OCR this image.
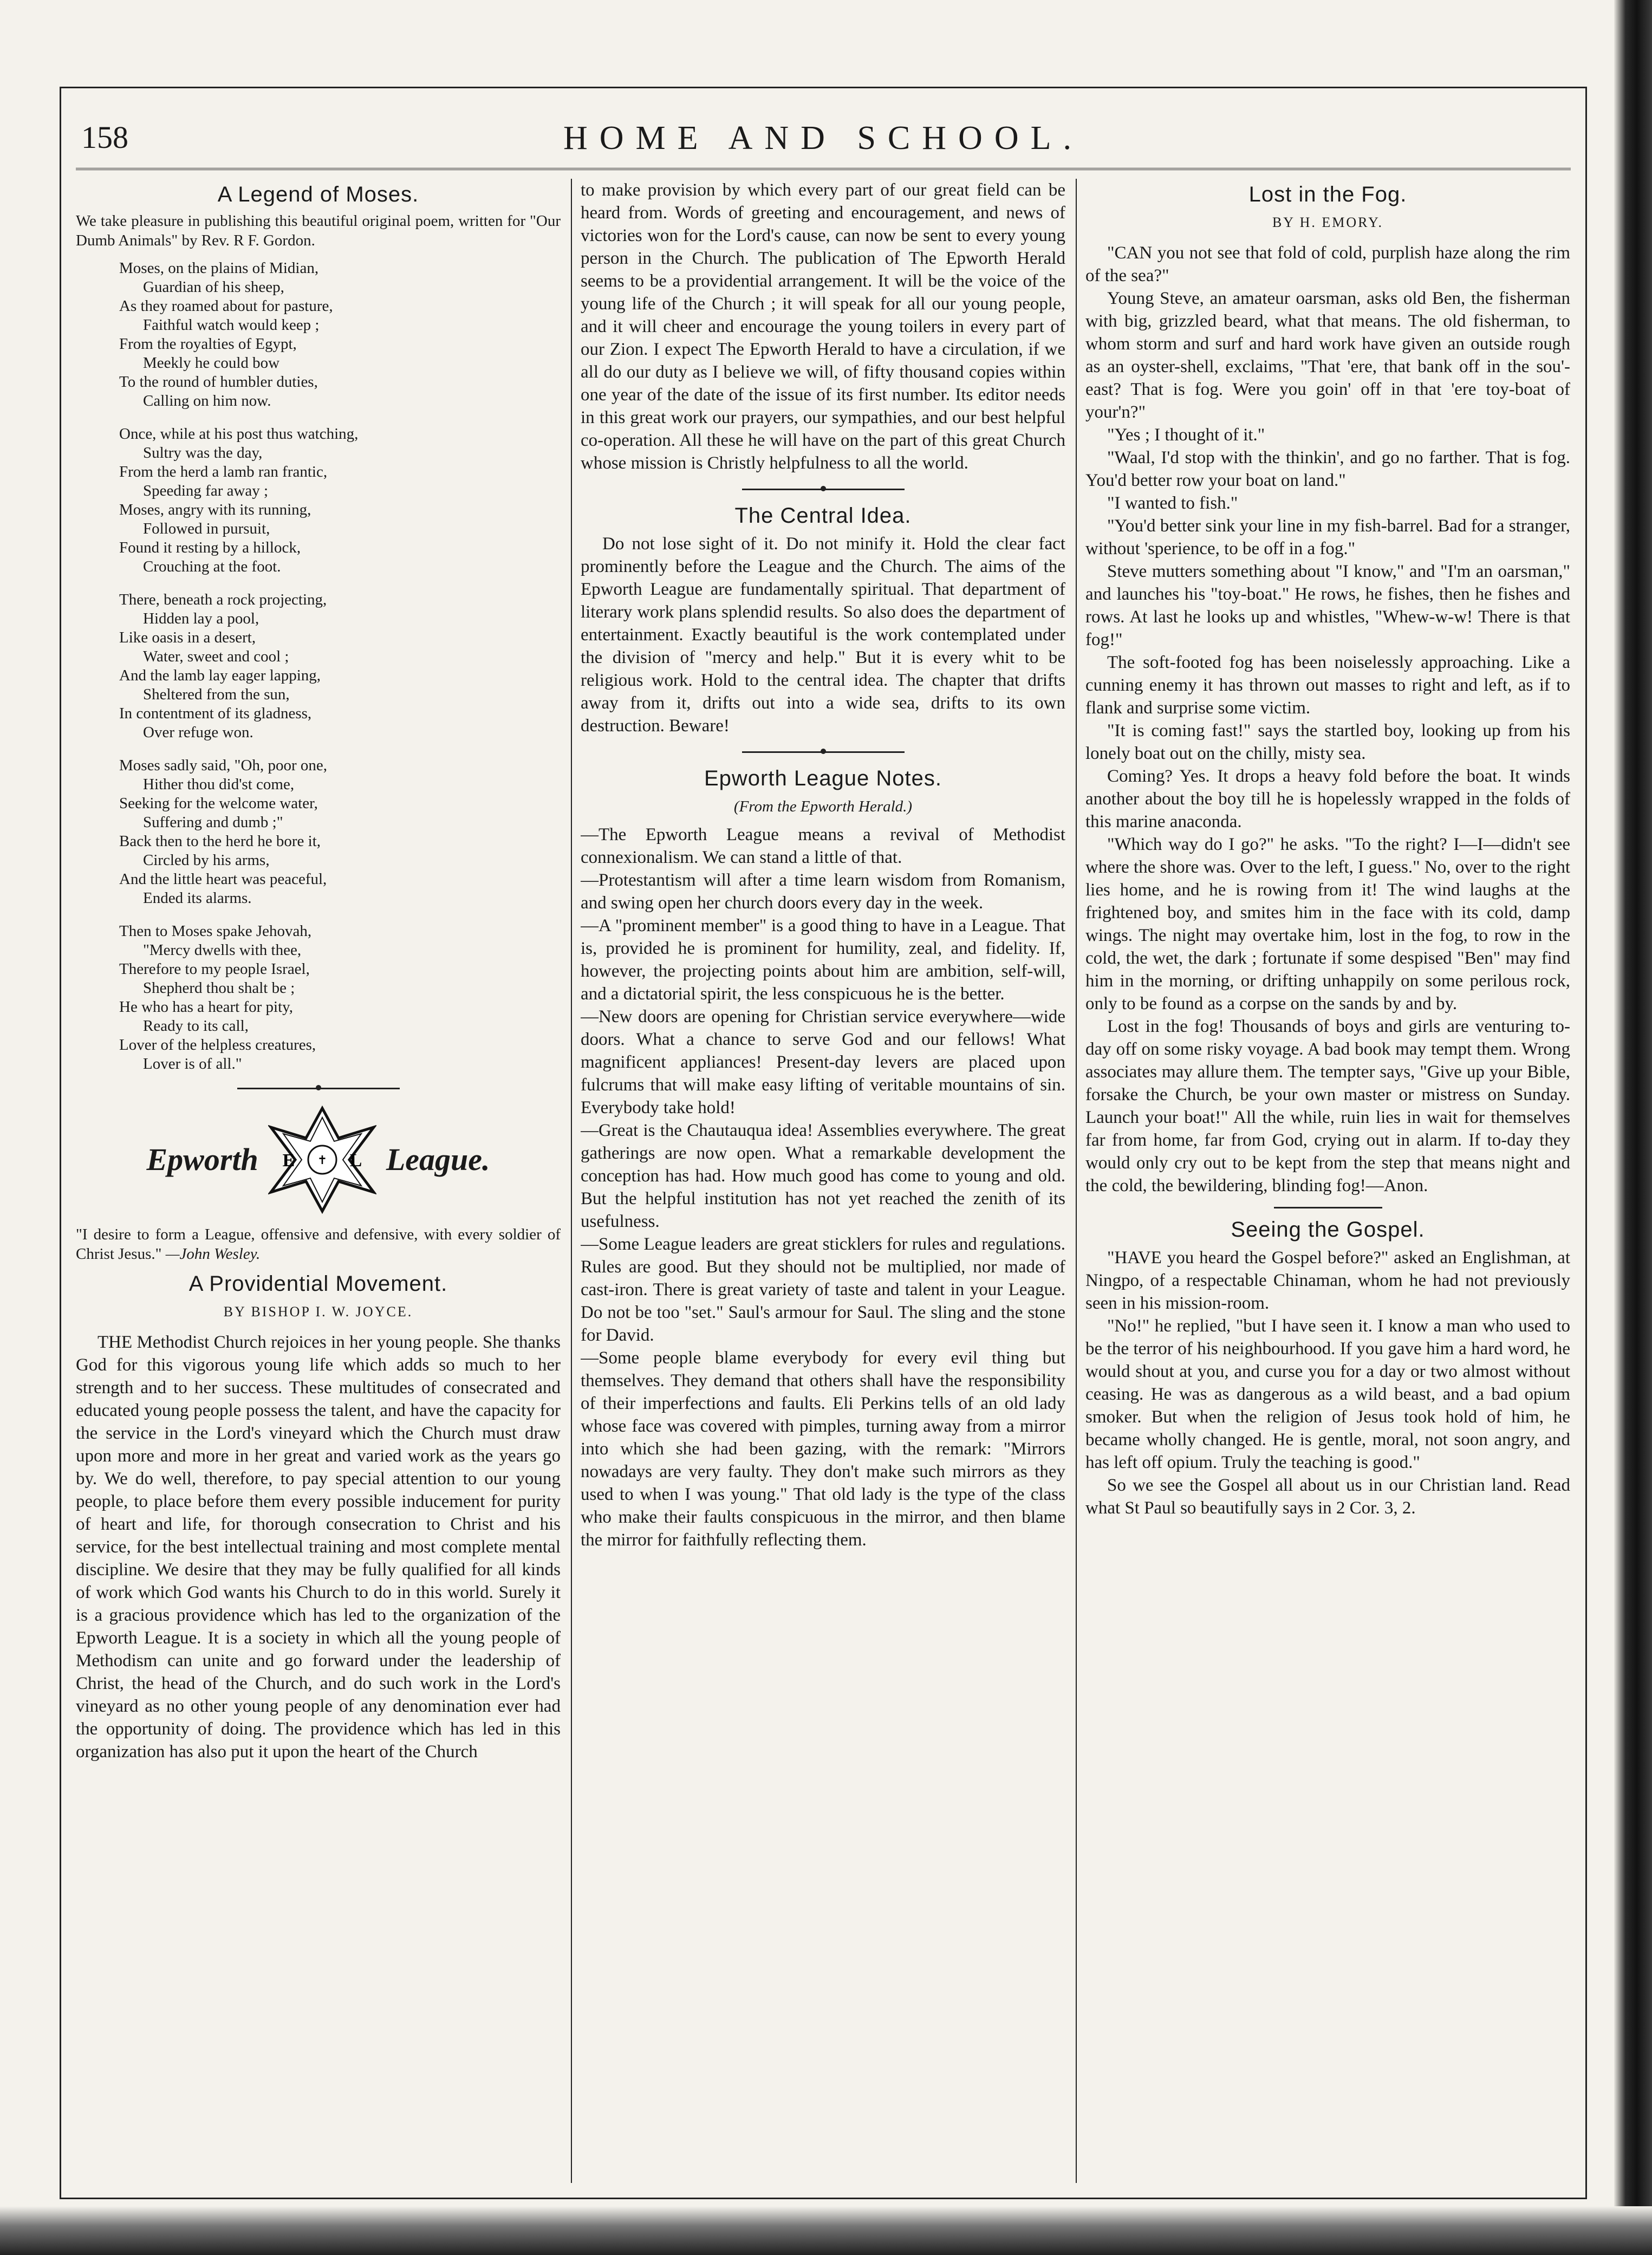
158	HOME AND SCHOOL.
A Legend of Moses.
We take pleasure in publishing this beautiful original poem, written for "Our Dumb Animals" by Rev. R F. Gordon.
Moses, on the plains of Midian,
Guardian of his sheep,
As they roamed about for pasture,
Faithful watch would keep ;
From the royalties of Egypt,
Meekly he could bow
To the round of humbler duties,
Calling on him now.
Once, while at his post thus watching,
Sultry was the day,
From the herd a lamb ran frantic,
Speeding far away ;
Moses, angry with its running,
Followed in pursuit,
Found it resting by a hillock,
Crouching at the foot.
There, beneath a rock projecting,
Hidden lay a pool,
Like oasis in a desert,
Water, sweet and cool ;
And the lamb lay eager lapping,
Sheltered from the sun,
In contentment of its gladness,
Over refuge won.
Moses sadly said, "Oh, poor one,
Hither thou did'st come,
Seeking for the welcome water,
Suffering and dumb ;"
Back then to the herd he bore it,
Circled by his arms,
And the little heart was peaceful,
Ended its alarms.
Then to Moses spake Jehovah,
"Mercy dwells with thee,
Therefore to my people Israel,
Shepherd thou shalt be ;
He who has a heart for pity,
Ready to its call,
Lover of the helpless creatures,
Lover is of all."
Epworth	✝
E	L League.
"I desire to form a League, offensive and defensive, with every soldier of Christ Jesus." —John Wesley.
A Providential Movement.
BY BISHOP I. W. JOYCE.

THE Methodist Church rejoices in her young people. She thanks God for this vigorous young life which adds so much to her strength and to her success. These multitudes of consecrated and educated young people possess the talent, and have the capacity for the service in the Lord's vineyard which the Church must draw upon more and more in her great and varied work as the years go by. We do well, therefore, to pay special attention to our young people, to place before them every possible inducement for purity of heart and life, for thorough consecration to Christ and his service, for the best intellectual training and most complete mental discipline. We desire that they may be fully qualified for all kinds of work which God wants his Church to do in this world. Surely it is a gracious providence which has led to the organization of the Epworth League. It is a society in which all the young people of Methodism can unite and go forward under the leadership of Christ, the head of the Church, and do such work in the Lord's vineyard as no other young people of any denomination ever had the opportunity of doing. The providence which has led in this organization has also put it upon the heart of the Church

to make provision by which every part of our great field can be heard from. Words of greeting and encouragement, and news of victories won for the Lord's cause, can now be sent to every young person in the Church. The publication of The Epworth Herald seems to be a providential arrangement. It will be the voice of the young life of the Church ; it will speak for all our young people, and it will cheer and encourage the young toilers in every part of our Zion. I expect The Epworth Herald to have a circulation, if we all do our duty as I believe we will, of fifty thousand copies within one year of the date of the issue of its first number. Its editor needs in this great work our prayers, our sympathies, and our best helpful co-operation. All these he will have on the part of this great Church whose mission is Christly helpfulness to all the world.

The Central Idea.

Do not lose sight of it. Do not minify it. Hold the clear fact prominently before the League and the Church. The aims of the Epworth League are fundamentally spiritual. That department of literary work plans splendid results. So also does the department of entertainment. Exactly beautiful is the work contemplated under the division of "mercy and help." But it is every whit to be religious work. Hold to the central idea. The chapter that drifts away from it, drifts out into a wide sea, drifts to its own destruction. Beware!

Epworth League Notes.
(From the Epworth Herald.)

—The Epworth League means a revival of Methodist connexionalism. We can stand a little of that.

—Protestantism will after a time learn wisdom from Romanism, and swing open her church doors every day in the week.

—A "prominent member" is a good thing to have in a League. That is, provided he is prominent for humility, zeal, and fidelity. If, however, the projecting points about him are ambition, self-will, and a dictatorial spirit, the less conspicuous he is the better.

—New doors are opening for Christian service everywhere—wide doors. What a chance to serve God and our fellows! What magnificent appliances! Present-day levers are placed upon fulcrums that will make easy lifting of veritable mountains of sin. Everybody take hold!

—Great is the Chautauqua idea! Assemblies everywhere. The great gatherings are now open. What a remarkable development the conception has had. How much good has come to young and old. But the helpful institution has not yet reached the zenith of its usefulness.

—Some League leaders are great sticklers for rules and regulations. Rules are good. But they should not be multiplied, nor made of cast-iron. There is great variety of taste and talent in your League. Do not be too "set." Saul's armour for Saul. The sling and the stone for David.

—Some people blame everybody for every evil thing but themselves. They demand that others shall have the responsibility of their imperfections and faults. Eli Perkins tells of an old lady whose face was covered with pimples, turning away from a mirror into which she had been gazing, with the remark: "Mirrors nowadays are very faulty. They don't make such mirrors as they used to when I was young." That old lady is the type of the class who make their faults conspicuous in the mirror, and then blame the mirror for faithfully reflecting them.

Lost in the Fog.
BY H. EMORY.

"CAN you not see that fold of cold, purplish haze along the rim of the sea?"

Young Steve, an amateur oarsman, asks old Ben, the fisherman with big, grizzled beard, what that means. The old fisherman, to whom storm and surf and hard work have given an outside rough as an oyster-shell, exclaims, "That 'ere, that bank off in the sou'-east? That is fog. Were you goin' off in that 'ere toy-boat of your'n?"

"Yes ; I thought of it."

"Waal, I'd stop with the thinkin', and go no farther. That is fog. You'd better row your boat on land."

"I wanted to fish."

"You'd better sink your line in my fish-barrel. Bad for a stranger, without 'sperience, to be off in a fog."

Steve mutters something about "I know," and "I'm an oarsman," and launches his "toy-boat." He rows, he fishes, then he fishes and rows. At last he looks up and whistles, "Whew-w-w! There is that fog!"

The soft-footed fog has been noiselessly approaching. Like a cunning enemy it has thrown out masses to right and left, as if to flank and surprise some victim.

"It is coming fast!" says the startled boy, looking up from his lonely boat out on the chilly, misty sea.

Coming? Yes. It drops a heavy fold before the boat. It winds another about the boy till he is hopelessly wrapped in the folds of this marine anaconda.

"Which way do I go?" he asks. "To the right? I—I—didn't see where the shore was. Over to the left, I guess." No, over to the right lies home, and he is rowing from it! The wind laughs at the frightened boy, and smites him in the face with its cold, damp wings. The night may overtake him, lost in the fog, to row in the cold, the wet, the dark ; fortunate if some despised "Ben" may find him in the morning, or drifting unhappily on some perilous rock, only to be found as a corpse on the sands by and by.

Lost in the fog! Thousands of boys and girls are venturing to-day off on some risky voyage. A bad book may tempt them. Wrong associates may allure them. The tempter says, "Give up your Bible, forsake the Church, be your own master or mistress on Sunday. Launch your boat!" All the while, ruin lies in wait for themselves far from home, far from God, crying out in alarm. If to-day they would only cry out to be kept from the step that means night and the cold, the bewildering, blinding fog!—Anon.

Seeing the Gospel.

"HAVE you heard the Gospel before?" asked an Englishman, at Ningpo, of a respectable Chinaman, whom he had not previously seen in his mission-room.

"No!" he replied, "but I have seen it. I know a man who used to be the terror of his neighbourhood. If you gave him a hard word, he would shout at you, and curse you for a day or two almost without ceasing. He was as dangerous as a wild beast, and a bad opium smoker. But when the religion of Jesus took hold of him, he became wholly changed. He is gentle, moral, not soon angry, and has left off opium. Truly the teaching is good."

So we see the Gospel all about us in our Christian land. Read what St Paul so beautifully says in 2 Cor. 3, 2.
